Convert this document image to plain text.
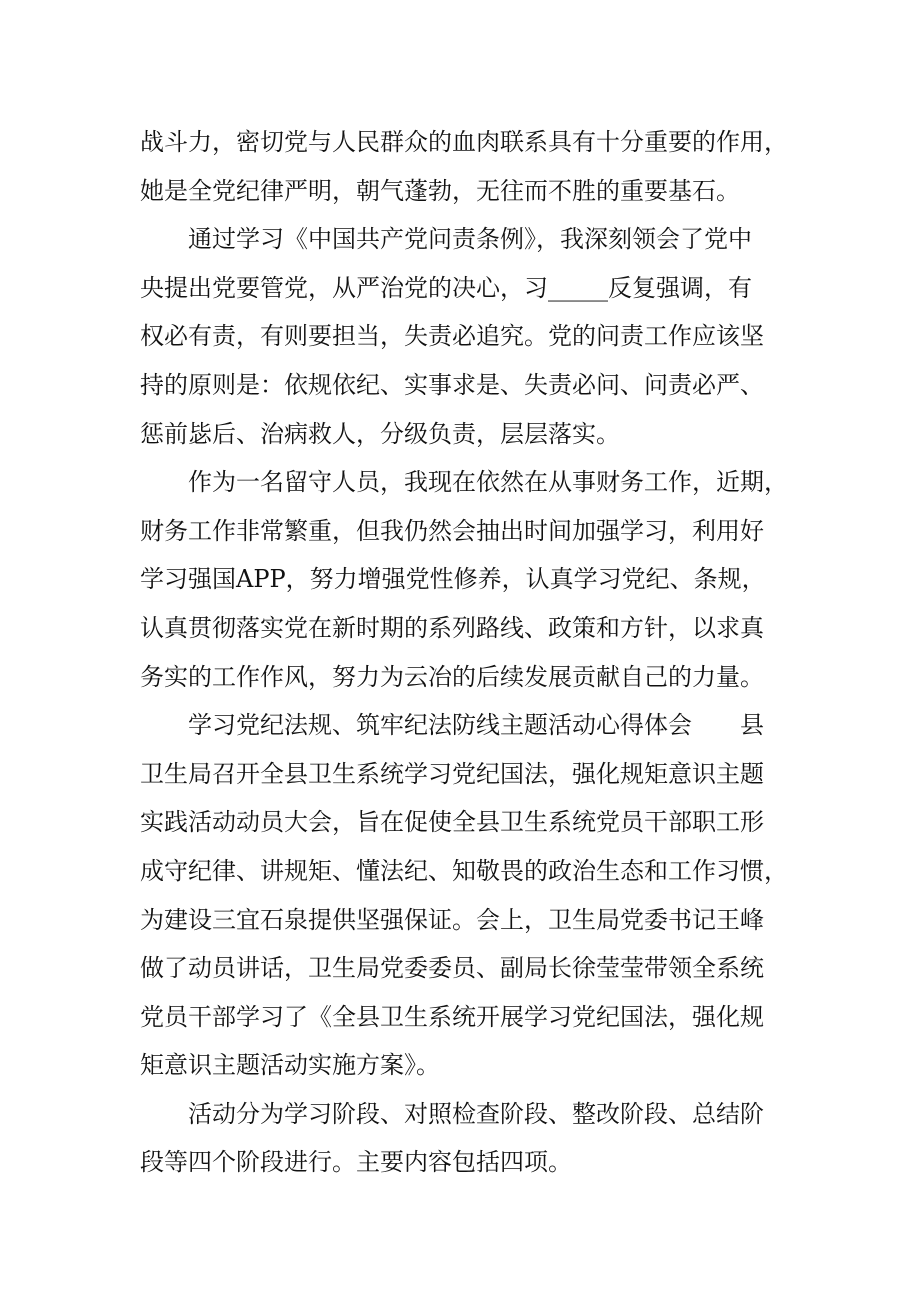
战斗力，密切党与人民群众的血肉联系具有十分重要的作用，
她是全党纪律严明，朝气蓬勃，无往而不胜的重要基石。
通过学习《中国共产党问责条例》，我深刻领会了党中
央提出党要管党，从严治党的决心，习_____反复强调，有
权必有责，有则要担当，失责必追究。党的问责工作应该坚
持的原则是：依规依纪、实事求是、失责必问、问责必严、
惩前毖后、治病救人，分级负责，层层落实。
作为一名留守人员，我现在依然在从事财务工作，近期，
财务工作非常繁重，但我仍然会抽出时间加强学习，利用好
学习强国APP，努力增强党性修养，认真学习党纪、条规，
认真贯彻落实党在新时期的系列路线、政策和方针，以求真
务实的工作作风，努力为云冶的后续发展贡献自己的力量。
学习党纪法规、筑牢纪法防线主题活动心得体会　　县
卫生局召开全县卫生系统学习党纪国法，强化规矩意识主题
实践活动动员大会，旨在促使全县卫生系统党员干部职工形
成守纪律、讲规矩、懂法纪、知敬畏的政治生态和工作习惯，
为建设三宜石泉提供坚强保证。会上，卫生局党委书记王峰
做了动员讲话，卫生局党委委员、副局长徐莹莹带领全系统
党员干部学习了《全县卫生系统开展学习党纪国法，强化规
矩意识主题活动实施方案》。
活动分为学习阶段、对照检查阶段、整改阶段、总结阶
段等四个阶段进行。主要内容包括四项。
